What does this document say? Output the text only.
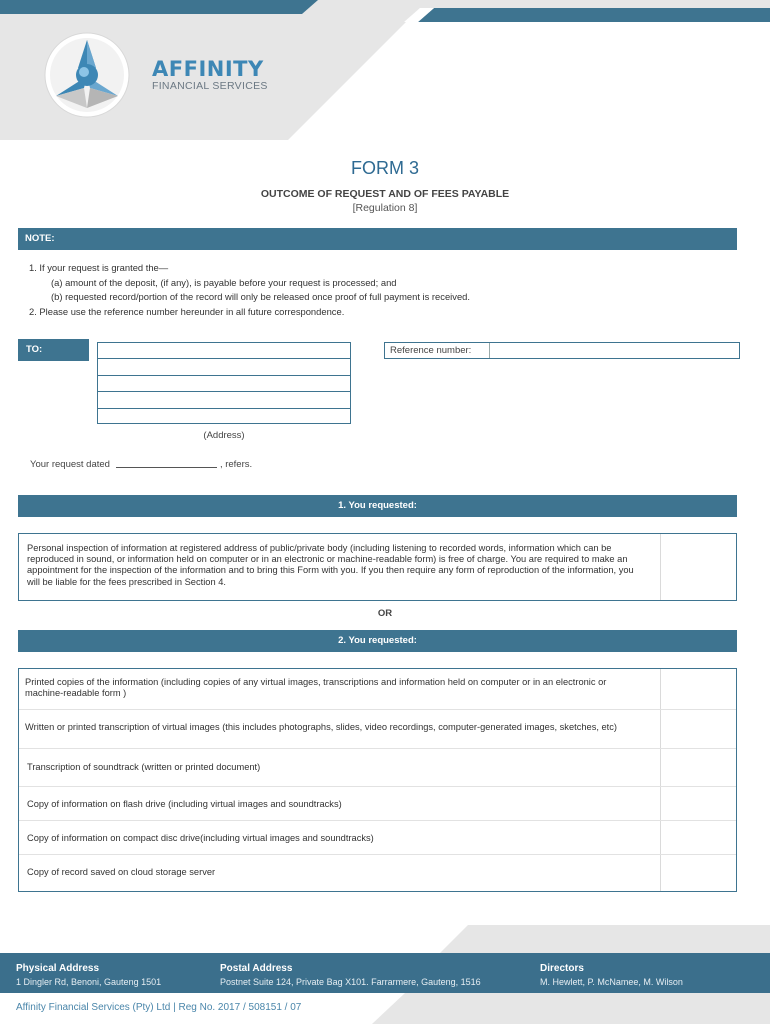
AFFINITY
FINANCIAL SERVICES
FORM 3
OUTCOME OF REQUEST AND OF FEES PAYABLE
[Regulation 8]
NOTE:
1. If your request is granted the—
(a) amount of the deposit, (if any), is payable before your request is processed; and
(b) requested record/portion of the record will only be released once proof of full payment is received.
2. Please use the reference number hereunder in all future correspondence.
TO:
(Address)
Reference number:
Your request dated	, refers.
1. You requested:
Personal inspection of information at registered address of public/private body (including listening to recorded words, information which can be reproduced in sound, or information held on computer or in an electronic or machine-readable form) is free of charge. You are required to make an appointment for the inspection of the information and to bring this Form with you. If you then require any form of reproduction of the information, you will be liable for the fees prescribed in Section 4.
OR
2. You requested:
Printed copies of the information (including copies of any virtual images, transcriptions and information held on computer or in an electronic or machine-readable form )
Written or printed transcription of virtual images (this includes photographs, slides, video recordings, computer-generated images, sketches, etc)
Transcription of soundtrack (written or printed document)
Copy of information on flash drive (including virtual images and soundtracks)
Copy of information on compact disc drive(including virtual images and soundtracks)
Copy of record saved on cloud storage server
Physical Address
1 Dingler Rd, Benoni, Gauteng 1501
Postal Address
Postnet Suite 124, Private Bag X101. Farrarmere, Gauteng, 1516
Directors
M. Hewlett, P. McNamee, M. Wilson
Affinity Financial Services (Pty) Ltd | Reg No. 2017 / 508151 / 07
